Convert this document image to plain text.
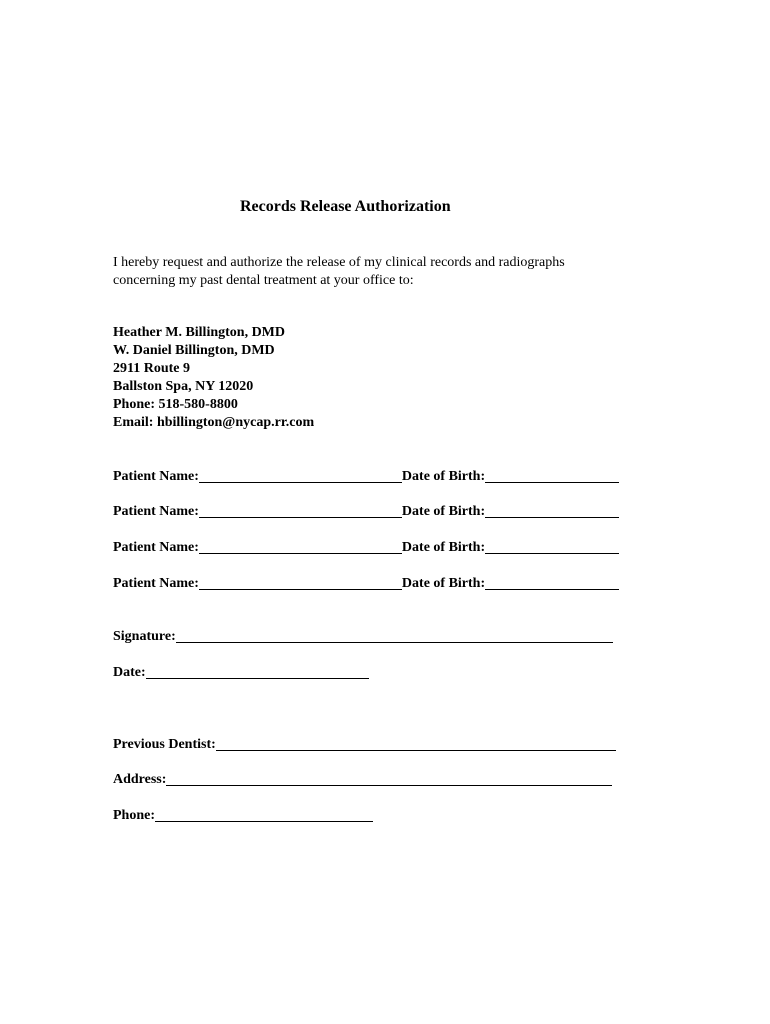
Records Release Authorization
I hereby request and authorize the release of my clinical records and radiographs
concerning my past dental treatment at your office to:
Heather M. Billington, DMD
W. Daniel Billington, DMD
2911 Route 9
Ballston Spa, NY 12020
Phone: 518-580-8800
Email: hbillington@nycap.rr.com
Patient Name:	Date of Birth:
Patient Name:	Date of Birth:
Patient Name:	Date of Birth:
Patient Name:	Date of Birth:
Signature:
Date:
Previous Dentist:
Address:
Phone:
